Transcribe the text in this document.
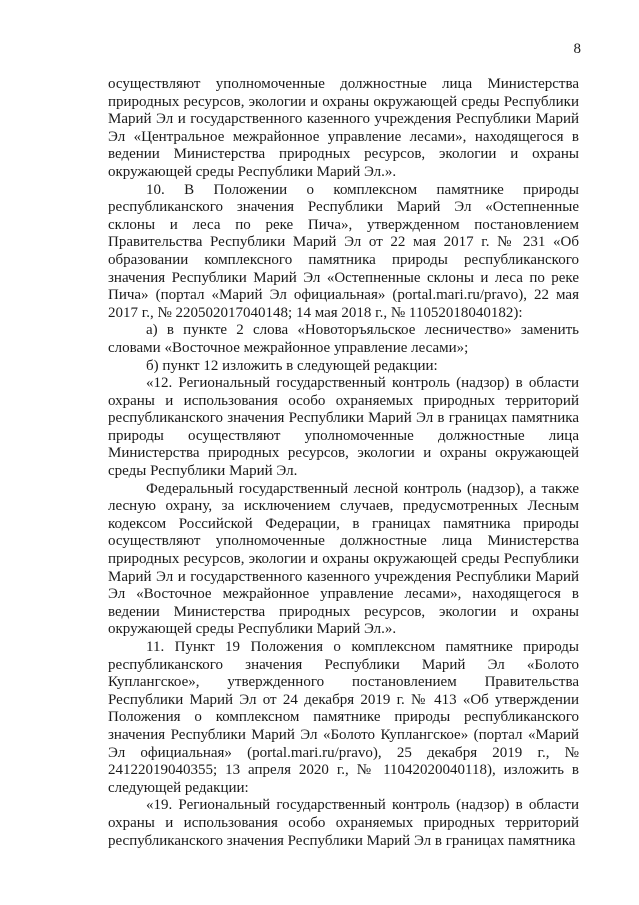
8

осуществляют уполномоченные должностные лица Министерства природных ресурсов, экологии и охраны окружающей среды Республики Марий Эл и государственного казенного учреждения Республики Марий Эл «Центральное межрайонное управление лесами», находящегося в ведении Министерства природных ресурсов, экологии и охраны окружающей среды Республики Марий Эл.».

10. В Положении о комплексном памятнике природы республиканского значения Республики Марий Эл «Остепненные склоны и леса по реке Пича», утвержденном постановлением Правительства Республики Марий Эл от 22 мая 2017 г. № 231 «Об образовании комплексного памятника природы республиканского значения Республики Марий Эл «Остепненные склоны и леса по реке Пича» (портал «Марий Эл официальная» (portal.mari.ru/pravo), 22 мая 2017 г., № 220502017040148; 14 мая 2018 г., № 11052018040182):

а) в пункте 2 слова «Новоторъяльское лесничество» заменить словами «Восточное межрайонное управление лесами»;

б) пункт 12 изложить в следующей редакции:

«12. Региональный государственный контроль (надзор) в области охраны и использования особо охраняемых природных территорий республиканского значения Республики Марий Эл в границах памятника природы осуществляют уполномоченные должностные лица Министерства природных ресурсов, экологии и охраны окружающей среды Республики Марий Эл.

Федеральный государственный лесной контроль (надзор), а также лесную охрану, за исключением случаев, предусмотренных Лесным кодексом Российской Федерации, в границах памятника природы осуществляют уполномоченные должностные лица Министерства природных ресурсов, экологии и охраны окружающей среды Республики Марий Эл и государственного казенного учреждения Республики Марий Эл «Восточное межрайонное управление лесами», находящегося в ведении Министерства природных ресурсов, экологии и охраны окружающей среды Республики Марий Эл.».

11. Пункт 19 Положения о комплексном памятнике природы республиканского значения Республики Марий Эл «Болото Куплангское», утвержденного постановлением Правительства Республики Марий Эл от 24 декабря 2019 г. № 413 «Об утверждении Положения о комплексном памятнике природы республиканского значения Республики Марий Эл «Болото Куплангское» (портал «Марий Эл официальная» (portal.mari.ru/pravo), 25 декабря 2019 г., № 24122019040355; 13 апреля 2020 г., № 11042020040118), изложить в следующей редакции:

«19. Региональный государственный контроль (надзор) в области охраны и использования особо охраняемых природных территорий республиканского значения Республики Марий Эл в границах памятника
